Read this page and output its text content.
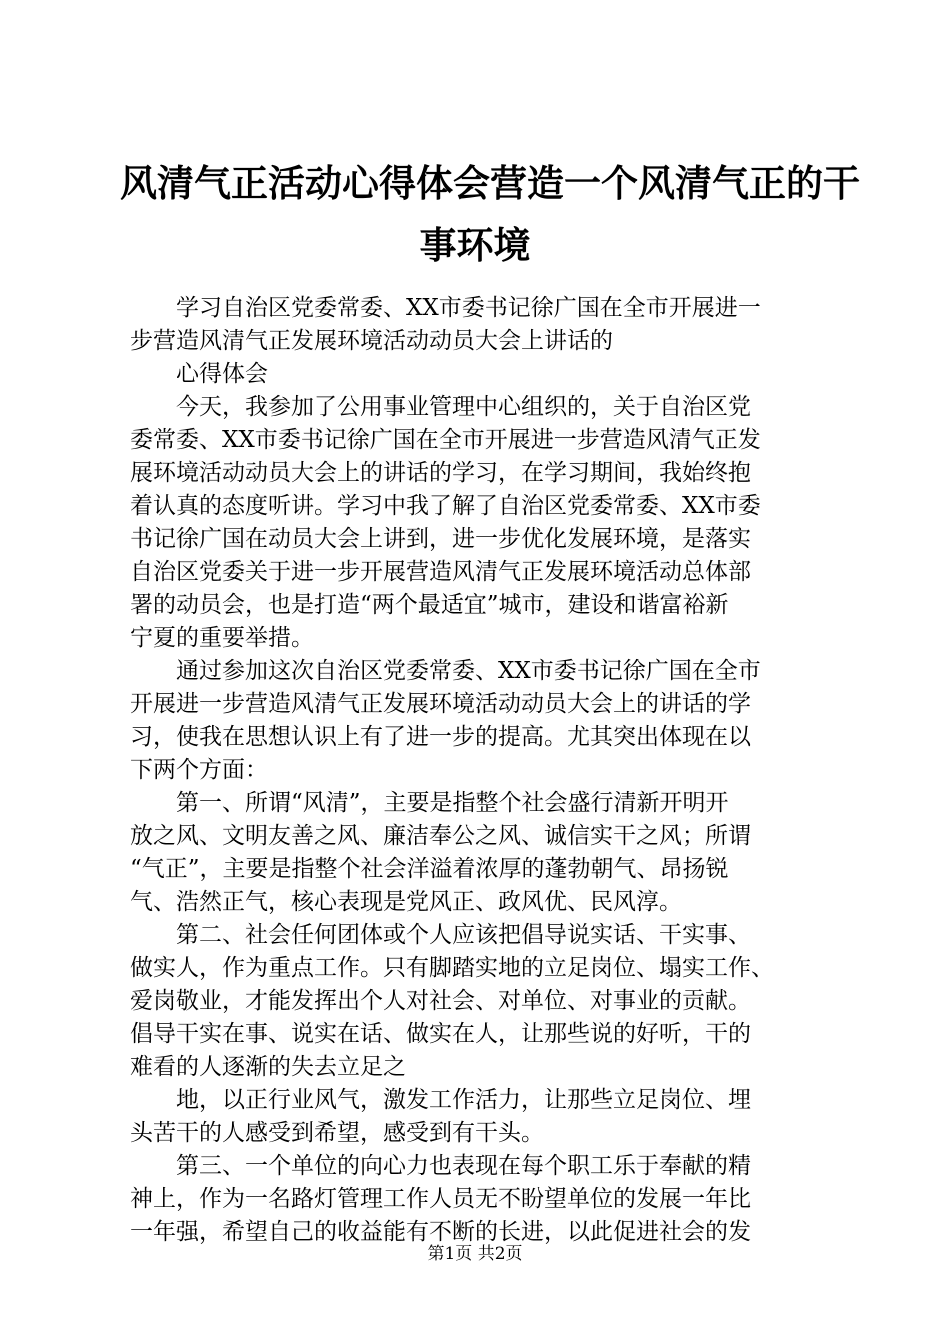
风清气正活动心得体会营造一个风清气正的干
事环境

　　学习自治区党委常委、XX市委书记徐广国在全市开展进一

步营造风清气正发展环境活动动员大会上讲话的

　　心得体会

　　今天，我参加了公用事业管理中心组织的，关于自治区党

委常委、XX市委书记徐广国在全市开展进一步营造风清气正发

展环境活动动员大会上的讲话的学习，在学习期间，我始终抱

着认真的态度听讲。学习中我了解了自治区党委常委、XX市委

书记徐广国在动员大会上讲到，进一步优化发展环境，是落实

自治区党委关于进一步开展营造风清气正发展环境活动总体部

署的动员会，也是打造“两个最适宜”城市，建设和谐富裕新

宁夏的重要举措。

　　通过参加这次自治区党委常委、XX市委书记徐广国在全市

开展进一步营造风清气正发展环境活动动员大会上的讲话的学

习，使我在思想认识上有了进一步的提高。尤其突出体现在以

下两个方面：

　　第一、所谓“风清”，主要是指整个社会盛行清新开明开

放之风、文明友善之风、廉洁奉公之风、诚信实干之风；所谓

“气正”，主要是指整个社会洋溢着浓厚的蓬勃朝气、昂扬锐

气、浩然正气，核心表现是党风正、政风优、民风淳。

　　第二、社会任何团体或个人应该把倡导说实话、干实事、

做实人，作为重点工作。只有脚踏实地的立足岗位、塌实工作、

爱岗敬业，才能发挥出个人对社会、对单位、对事业的贡献。

倡导干实在事、说实在话、做实在人，让那些说的好听，干的

难看的人逐渐的失去立足之

　　地，以正行业风气，激发工作活力，让那些立足岗位、埋

头苦干的人感受到希望，感受到有干头。

　　第三、一个单位的向心力也表现在每个职工乐于奉献的精

神上，作为一名路灯管理工作人员无不盼望单位的发展一年比

一年强，希望自己的收益能有不断的长进，以此促进社会的发

第1页 共2页
